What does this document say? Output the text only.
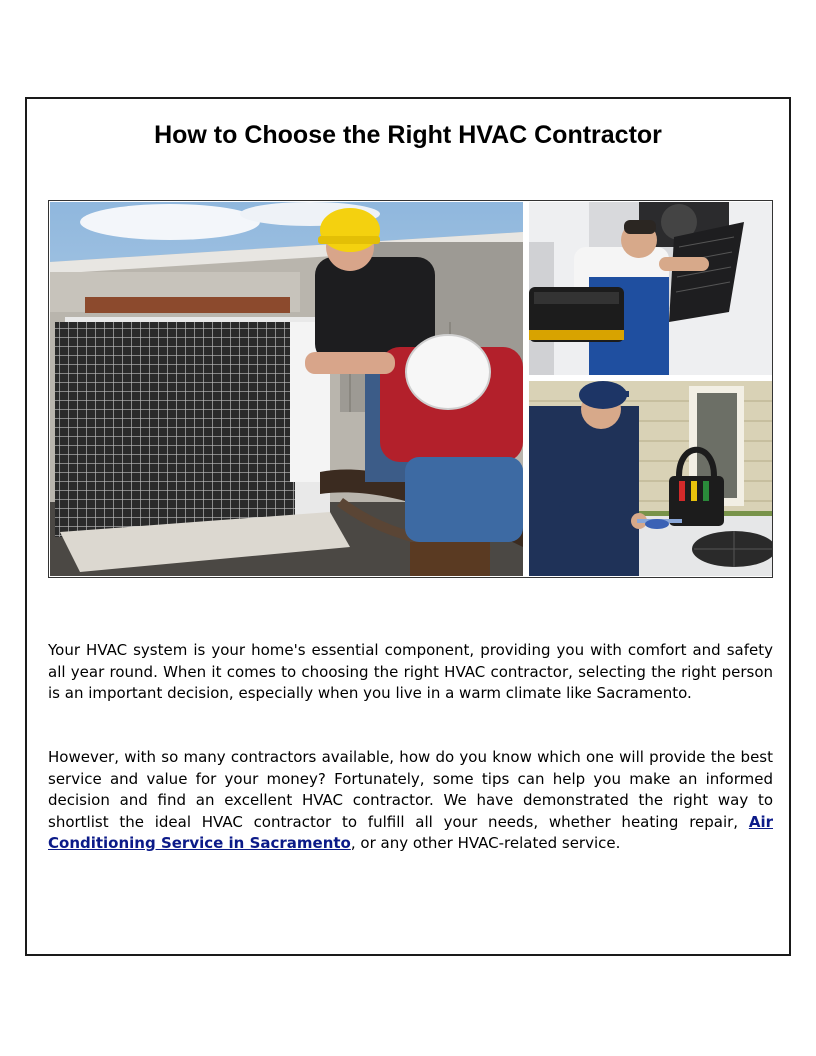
How to Choose the Right HVAC Contractor

Your HVAC system is your home's essential component, providing you with comfort and safety all year round. When it comes to choosing the right HVAC contractor, selecting the right person is an important decision, especially when you live in a warm climate like Sacramento.

However, with so many contractors available, how do you know which one will provide the best service and value for your money? Fortunately, some tips can help you make an informed decision and find an excellent HVAC contractor. We have demonstrated the right way to shortlist the ideal HVAC contractor to fulfill all your needs, whether heating repair, Air Conditioning Service in Sacramento, or any other HVAC-related service.
